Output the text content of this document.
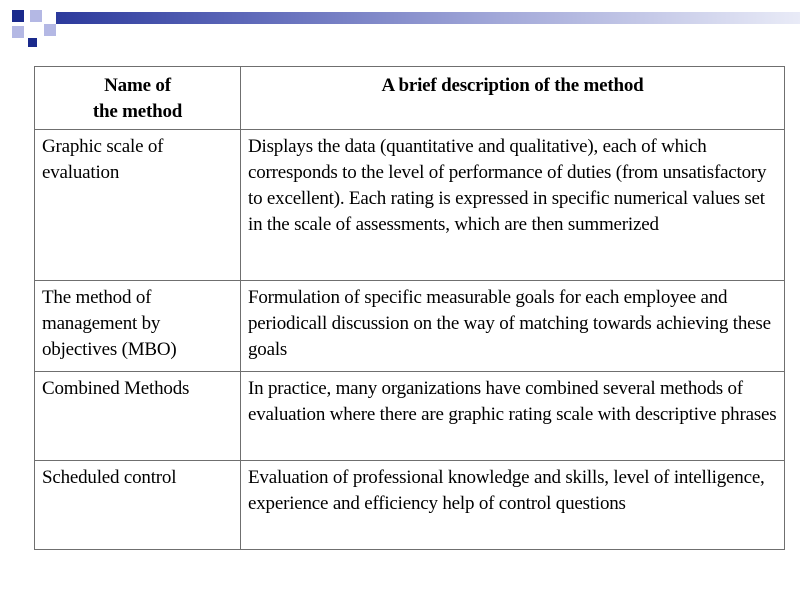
Name of
the method	A brief description of the method
Graphic scale of evaluation	Displays the data (quantitative and qualitative), each of which corresponds to the level of performance of duties (from unsatisfactory to excellent). Each rating is expressed in specific numerical values set in the scale of assessments, which are then summerized
The method of management by objectives (MBO)	Formulation of specific measurable goals for each employee and periodicall discussion on the way of matching towards achieving these goals
Combined Methods	In practice, many organizations have combined several methods of evaluation where there are graphic rating scale with descriptive phrases
Scheduled control	Evaluation of professional knowledge and skills, level of intelligence, experience and efficiency help of control questions
